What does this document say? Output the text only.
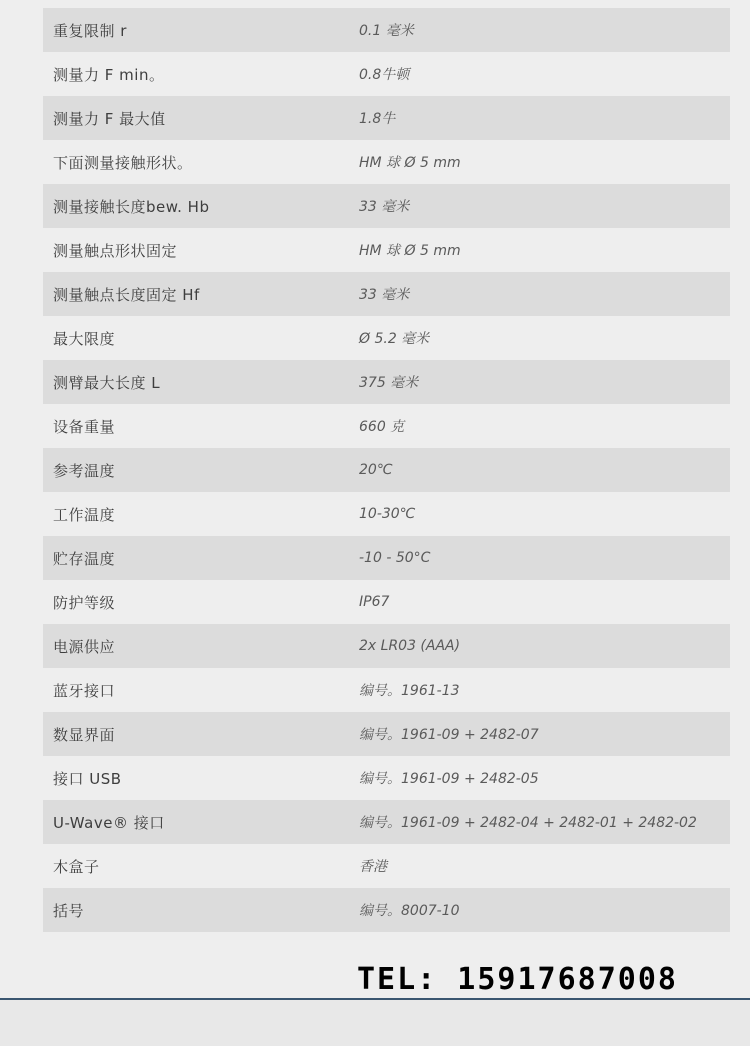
重复限制 r	0.1 毫米
测量力 F min。	0.8牛顿
测量力 F 最大值	1.8牛
下面测量接触形状。	HM 球 Ø 5 mm
测量接触长度bew. Hb	33 毫米
测量触点形状固定	HM 球 Ø 5 mm
测量触点长度固定 Hf	33 毫米
最大限度	Ø 5.2 毫米
测臂最大长度 L	375 毫米
设备重量	660 克
参考温度	20℃
工作温度	10-30℃
贮存温度	-10 - 50°C
防护等级	IP67
电源供应	2x LR03 (AAA)
蓝牙接口	编号。1961-13
数显界面	编号。1961-09 + 2482-07
接口 USB	编号。1961-09 + 2482-05
U-Wave® 接口	编号。1961-09 + 2482-04 + 2482-01 + 2482-02
木盒子	香港
括号	编号。8007-10
TEL: 15917687008
